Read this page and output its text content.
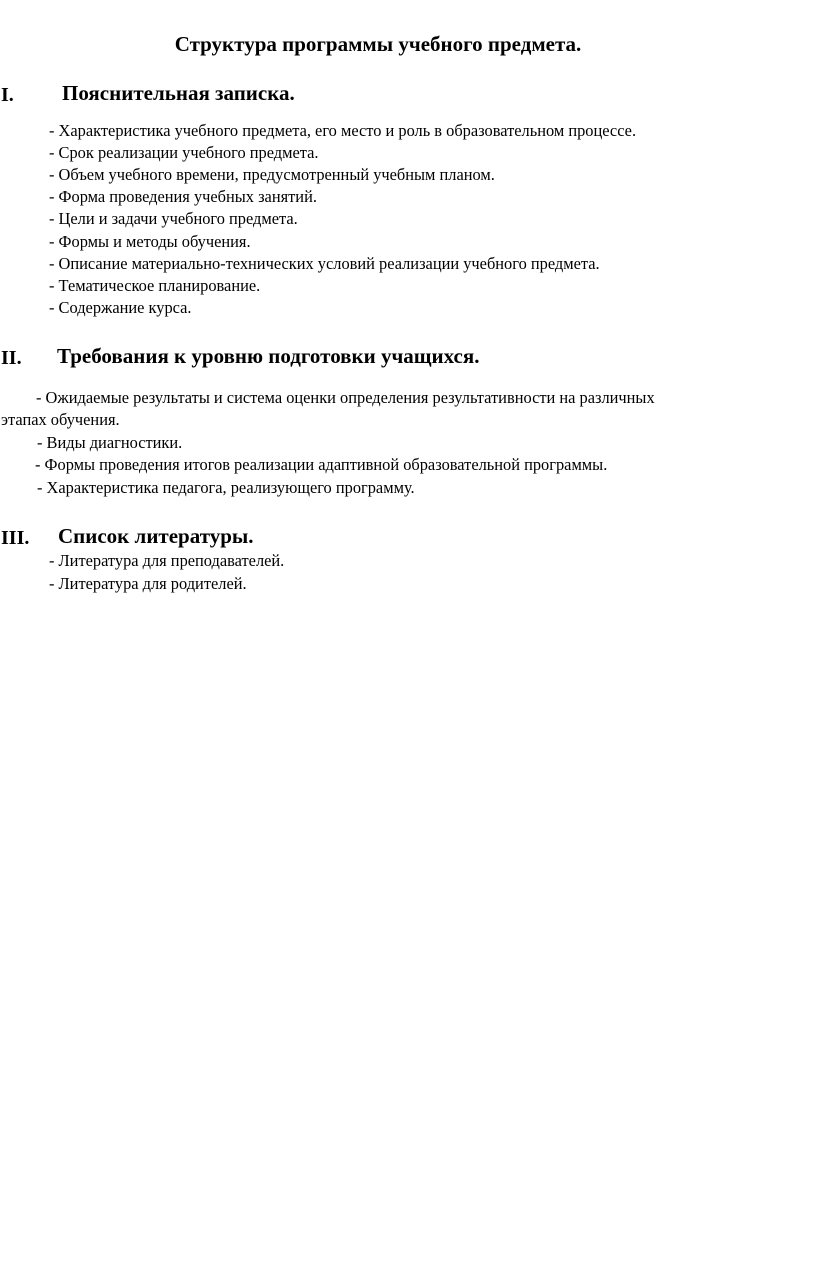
Структура программы учебного предмета.
I. Пояснительная записка.
- Характеристика учебного предмета, его место и роль в образовательном процессе.
- Срок реализации учебного предмета.
- Объем учебного времени, предусмотренный учебным планом.
- Форма проведения учебных занятий.
- Цели и задачи учебного предмета.
- Формы и методы обучения.
- Описание материально-технических условий реализации учебного предмета.
- Тематическое планирование.
- Содержание курса.
II. Требования к уровню подготовки учащихся.
- Ожидаемые результаты и система оценки определения результативности на различных
этапах обучения.
- Виды диагностики.
- Формы проведения итогов реализации адаптивной образовательной программы.
- Характеристика педагога, реализующего программу.
III. Список литературы.
- Литература для преподавателей.
- Литература для родителей.
